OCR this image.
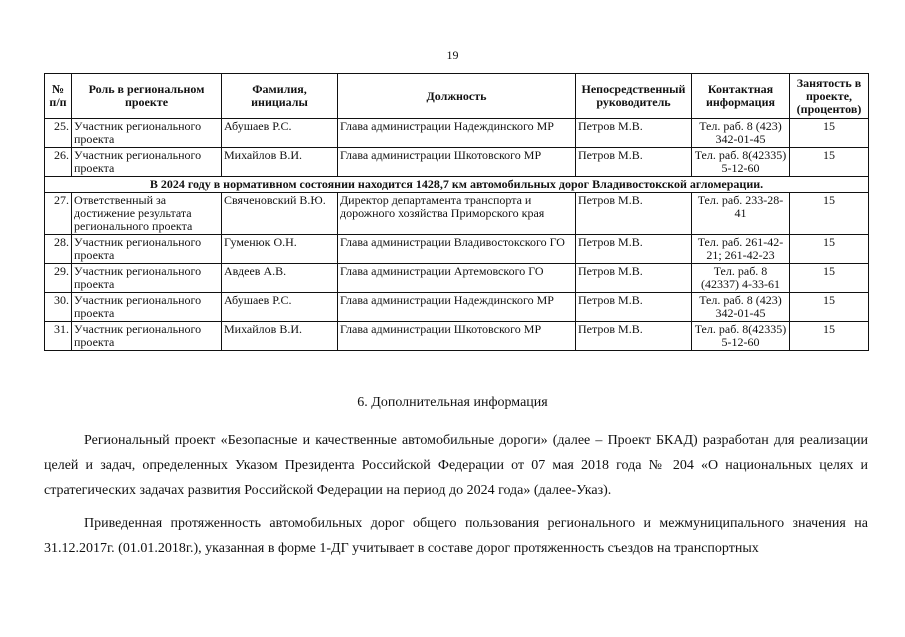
19
№ п/п	Роль в региональном проекте	Фамилия, инициалы	Должность	Непосредственный руководитель	Контактная информация	Занятость в проекте, (процентов)
25.	Участник регионального проекта	Абушаев Р.С.	Глава администрации Надеждинского МР	Петров М.В.	Тел. раб. 8 (423) 342-01-45	15
26.	Участник регионального проекта	Михайлов В.И.	Глава администрации Шкотовского МР	Петров М.В.	Тел. раб. 8(42335) 5-12-60	15
В 2024 году в нормативном состоянии находится 1428,7 км автомобильных дорог Владивостокской агломерации.						
27.	Ответственный за достижение результата регионального проекта	Свяченовский В.Ю.	Директор департамента транспорта и дорожного хозяйства Приморского края	Петров М.В.	Тел. раб. 233-28-41	15
28.	Участник регионального проекта	Гуменюк О.Н.	Глава администрации Владивостокского ГО	Петров М.В.	Тел. раб. 261-42-21; 261-42-23	15
29.	Участник регионального проекта	Авдеев А.В.	Глава администрации Артемовского ГО	Петров М.В.	Тел. раб. 8 (42337) 4-33-61	15
30.	Участник регионального проекта	Абушаев Р.С.	Глава администрации Надеждинского МР	Петров М.В.	Тел. раб. 8 (423) 342-01-45	15
31.	Участник регионального проекта	Михайлов В.И.	Глава администрации Шкотовского МР	Петров М.В.	Тел. раб. 8(42335) 5-12-60	15
6. Дополнительная информация

Региональный проект «Безопасные и качественные автомобильные дороги» (далее – Проект БКАД) разработан для реализации целей и задач, определенных Указом Президента Российской Федерации от 07 мая 2018 года № 204 «О национальных целях и стратегических задачах развития Российской Федерации на период до 2024 года» (далее-Указ).

Приведенная протяженность автомобильных дорог общего пользования регионального и межмуниципального значения на 31.12.2017г. (01.01.2018г.), указанная в форме 1-ДГ учитывает в составе дорог протяженность съездов на транспортных
